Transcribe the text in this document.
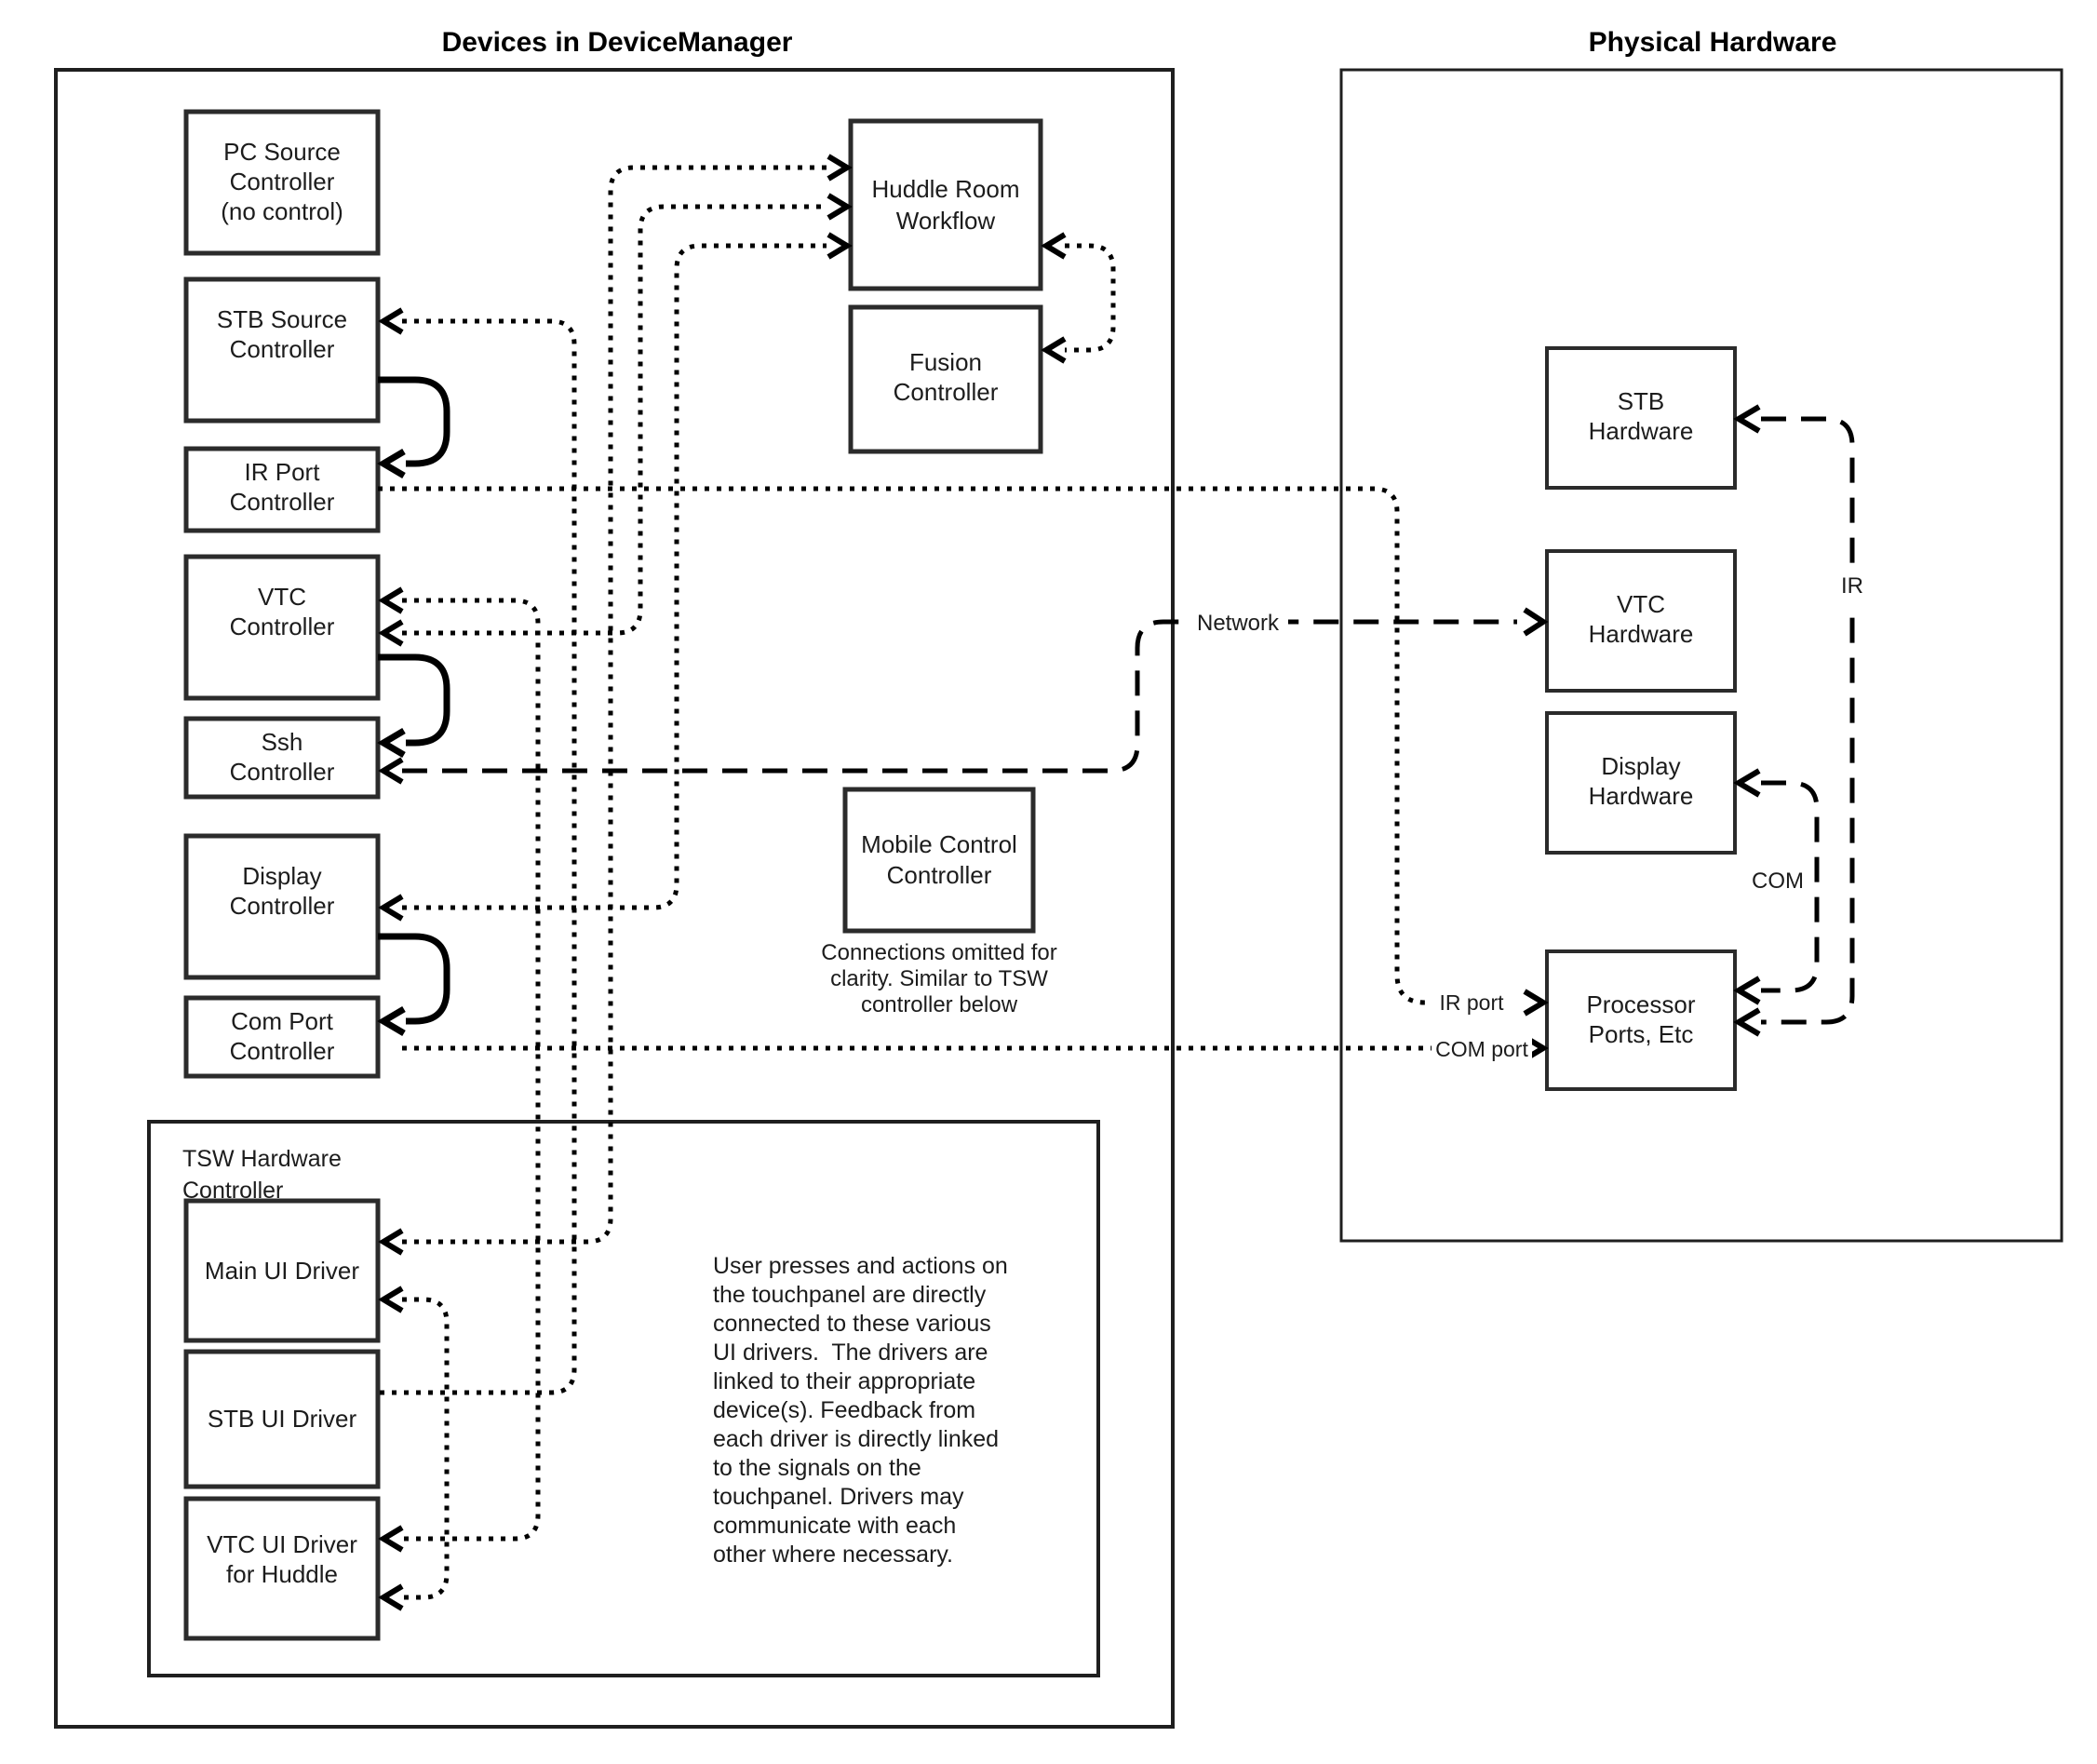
Devices in DeviceManager	Physical Hardware
Network
IR
COM
IR port
COM port
PC Source
Controller
(no control)
STB Source
Controller
IR Port
Controller
VTC
Controller
Ssh
Controller
Display
Controller
Com Port
Controller
Main UI Driver
STB UI Driver
VTC UI Driver
for Huddle
Huddle Room
Workflow
Fusion
Controller
Mobile Control
Controller
STB
Hardware
VTC
Hardware
Display
Hardware
Processor
Ports, Etc
TSW Hardware
Controller
Connections omitted for
clarity. Similar to TSW
controller below
User presses and actions on
the touchpanel are directly
connected to these various
UI drivers.  The drivers are
linked to their appropriate
device(s). Feedback from
each driver is directly linked
to the signals on the
touchpanel. Drivers may
communicate with each
other where necessary.
